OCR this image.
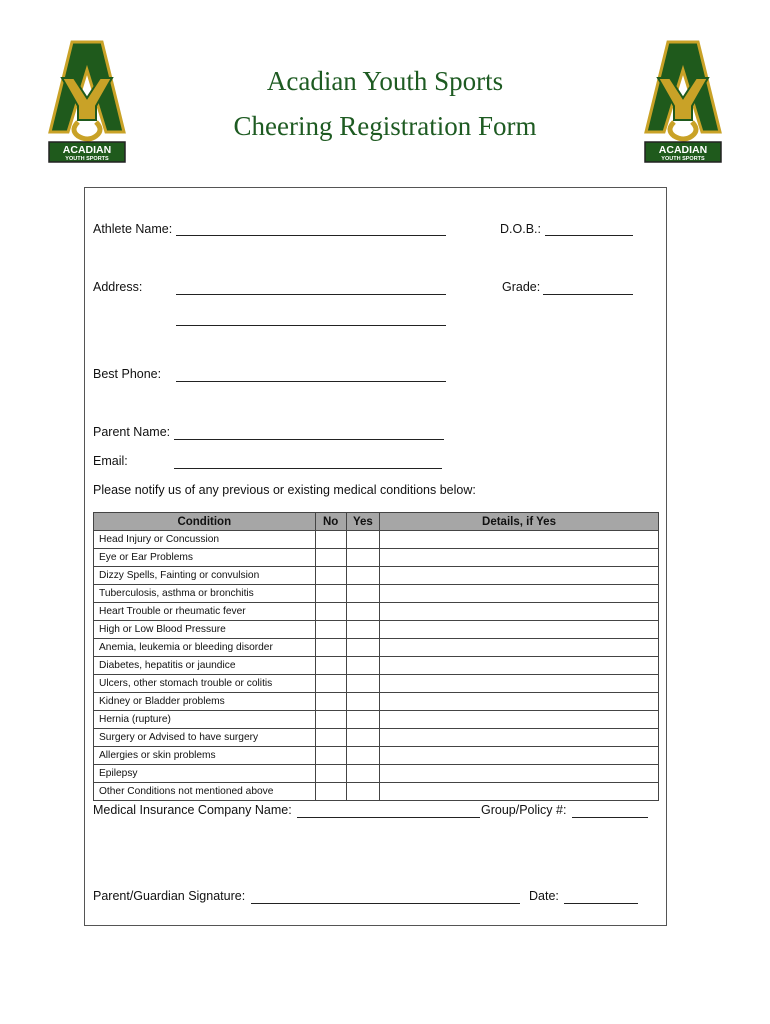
ACADIAN
YOUTH SPORTS
ACADIAN
YOUTH SPORTS
Acadian Youth Sports
Cheering Registration Form
Athlete Name:	D.O.B.:
Address:	Grade:
Best Phone:
Parent Name:
Email:
Please notify us of any previous or existing medical conditions below:
Condition	No	Yes	Details, if Yes
Head Injury or Concussion			
Eye or Ear Problems			
Dizzy Spells, Fainting or convulsion			
Tuberculosis, asthma or bronchitis			
Heart Trouble or rheumatic fever			
High or Low Blood Pressure			
Anemia, leukemia or bleeding disorder			
Diabetes, hepatitis or jaundice			
Ulcers, other stomach trouble or colitis			
Kidney or Bladder problems			
Hernia (rupture)			
Surgery or Advised to have surgery			
Allergies or skin problems			
Epilepsy			
Other Conditions not mentioned above			
Medical Insurance Company Name:	Group/Policy #:
Parent/Guardian Signature:	Date:
